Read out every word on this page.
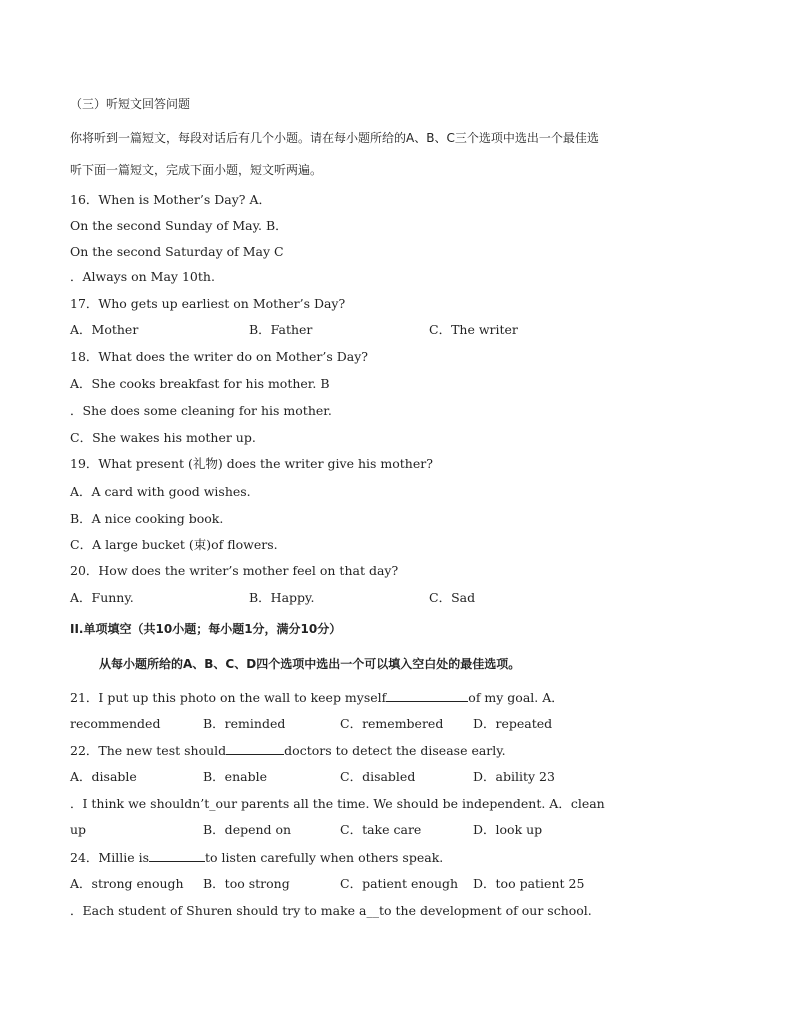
（三）听短文回答问题
你将听到一篇短文，每段对话后有几个小题。请在每小题所给的A、B、C三个选项中选出一个最佳选
听下面一篇短文，完成下面小题，短文听两遍。
16．When is Mother’s Day? A．
On the second Sunday of May. B．
On the second Saturday of May C
．Always on May 10th.
17．Who gets up earliest on Mother’s Day?
A．Mother	B．Father	C．The writer
18．What does the writer do on Mother’s Day?
A．She cooks breakfast for his mother. B
．She does some cleaning for his mother.
C．She wakes his mother up.
19．What present (礼物) does the writer give his mother?
A．A card with good wishes.
B．A nice cooking book.
C．A large bucket (束)of flowers.
20．How does the writer’s mother feel on that day?
A．Funny.	B．Happy.	C．Sad
II.单项填空（共10小题；每小题1分，满分10分）
从每小题所给的A、B、C、D四个选项中选出一个可以填入空白处的最佳选项。
21．I put up this photo on the wall to keep myself	of my goal. A．
recommended	B．reminded	C．remembered D．repeated
22．The new test should	doctors to detect the disease early.
A．disable	B．enable	C．disabled	D．ability 23
．I think we shouldn’t_our parents all the time. We should be independent. A．clean
up	B．depend on	C．take care	D．look up
24．Millie is	to listen carefully when others speak.
A．strong enough B．too strong	C．patient enough D．too patient 25
．Each student of Shuren should try to make a__to the development of our school.
